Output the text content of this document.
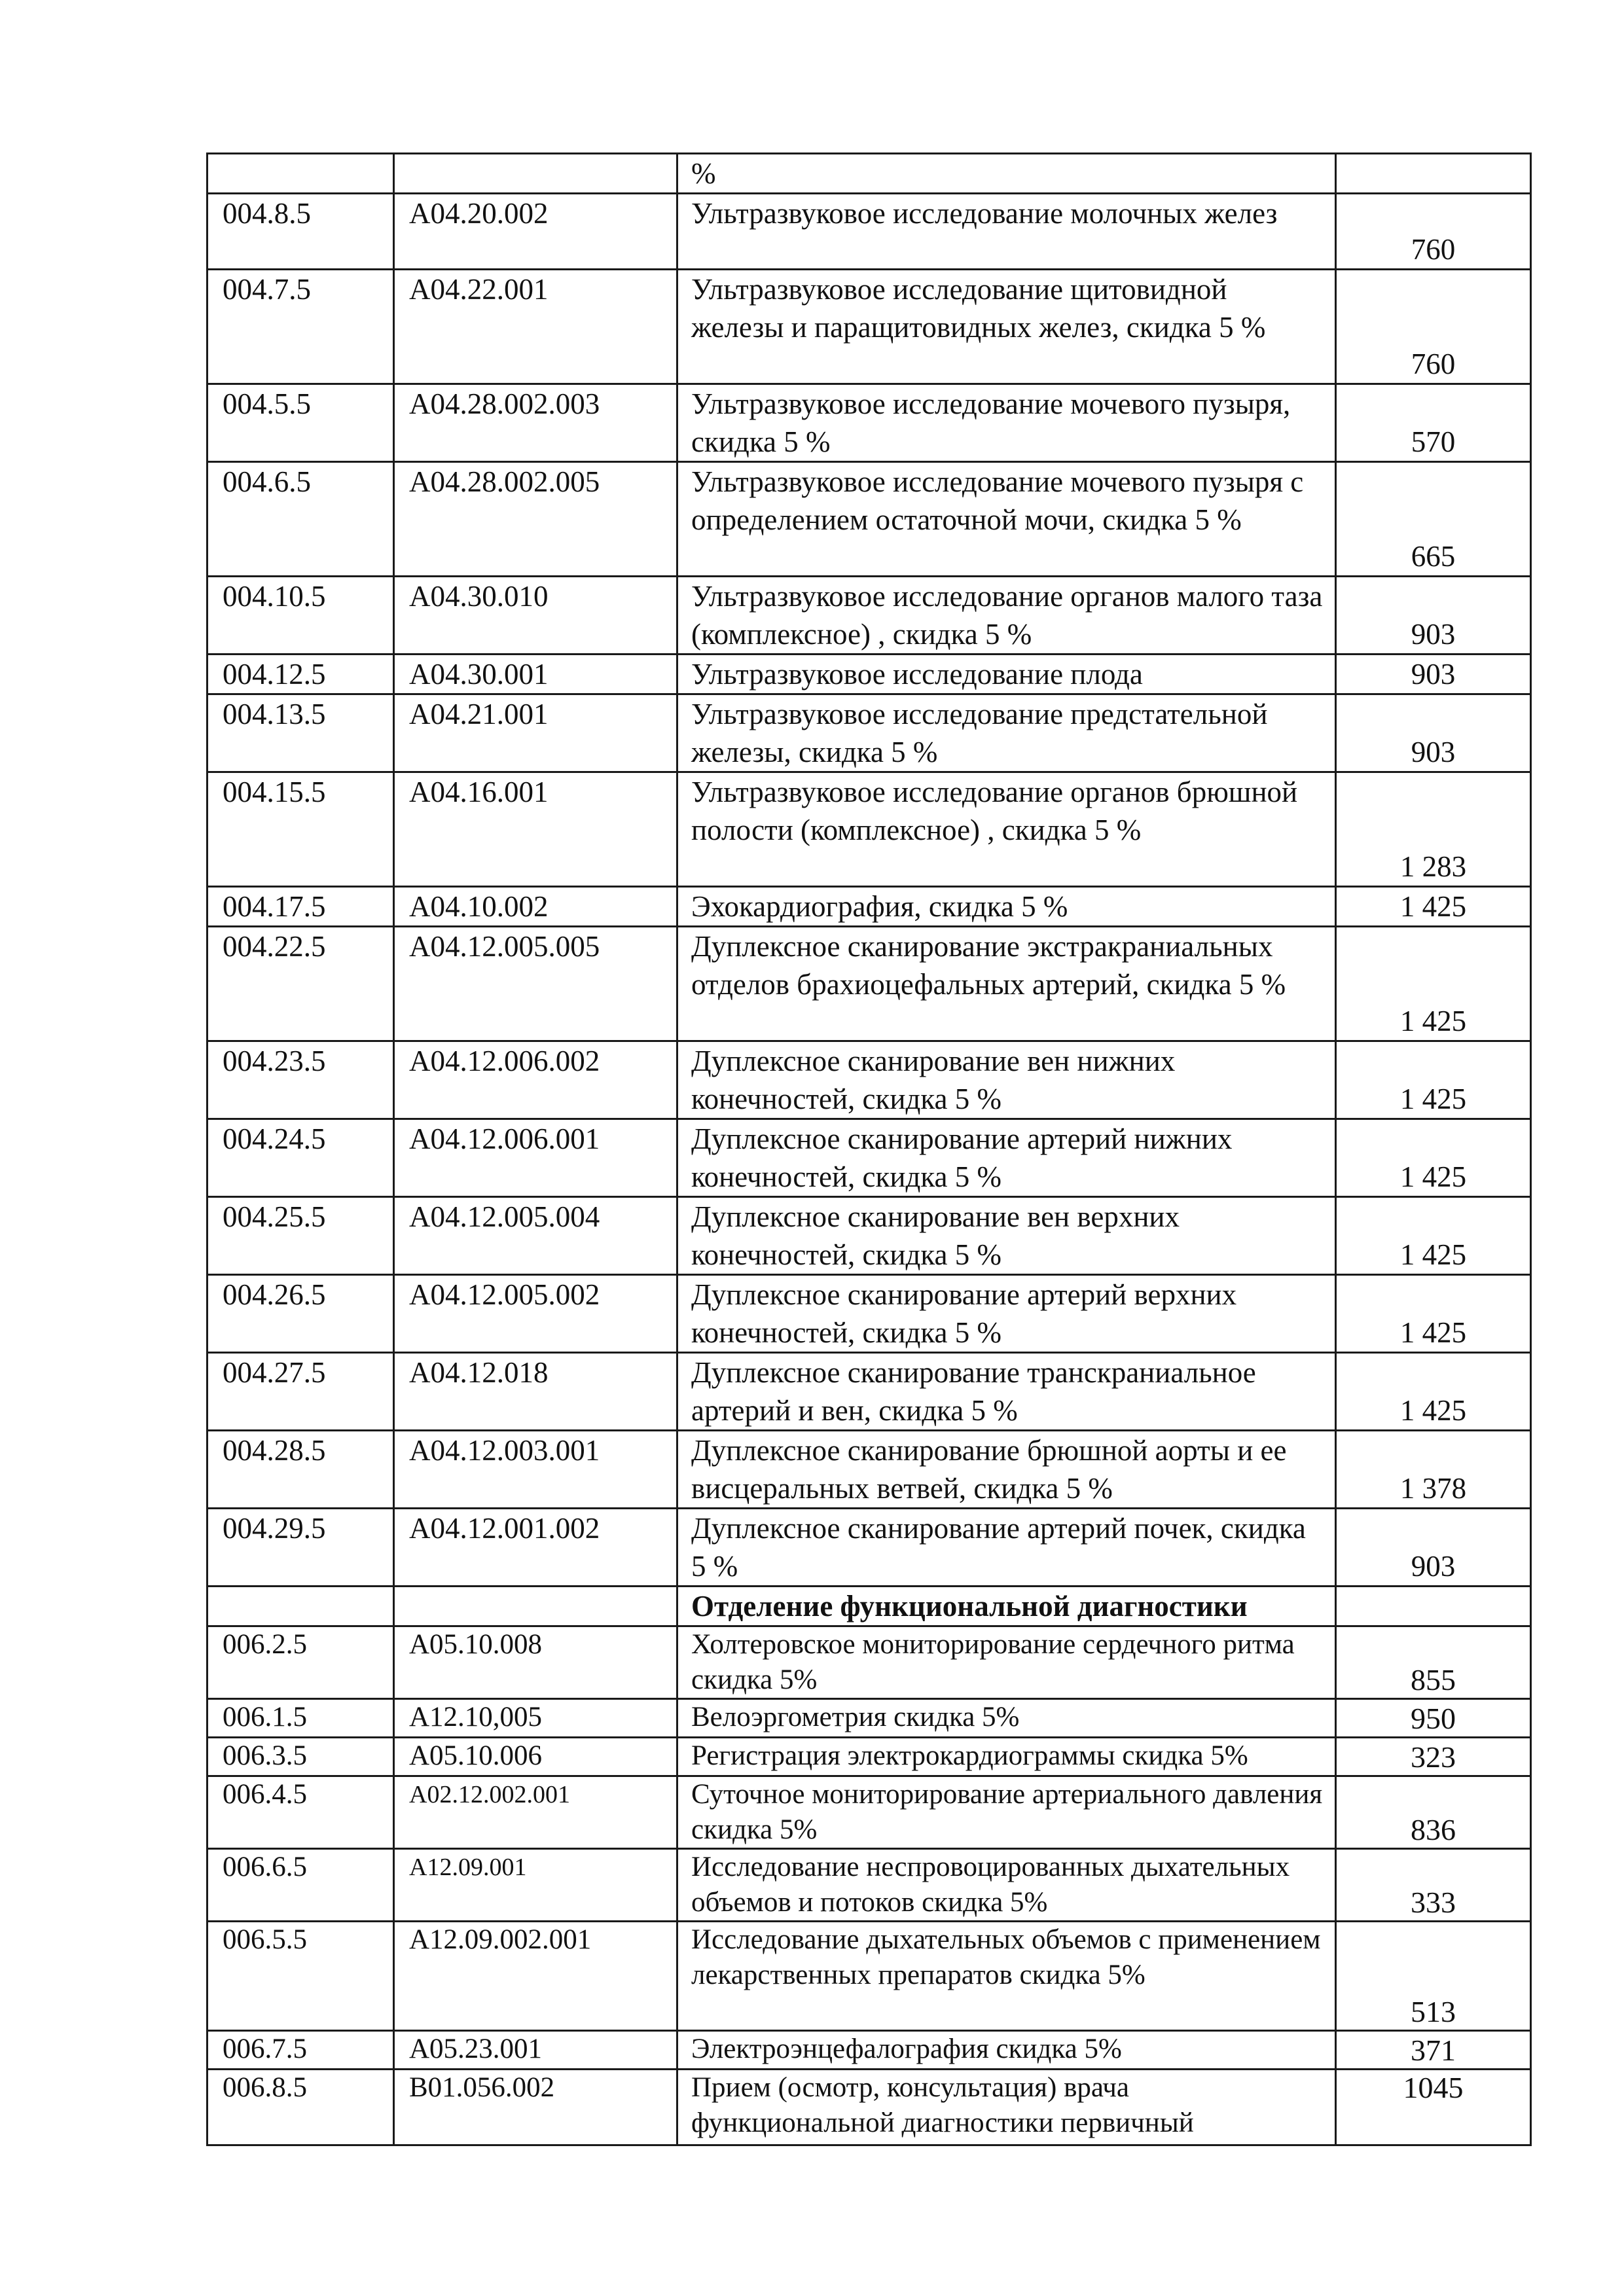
		%	
004.8.5	A04.20.002	Ультразвуковое исследование молочных желез	760
004.7.5	A04.22.001	Ультразвуковое исследование щитовидной железы и паращитовидных желез, скидка 5 %	760
004.5.5	A04.28.002.003	Ультразвуковое исследование мочевого пузыря, скидка 5 %	570
004.6.5	A04.28.002.005	Ультразвуковое исследование мочевого пузыря с определением остаточной мочи, скидка 5 %	665
004.10.5	A04.30.010	Ультразвуковое исследование органов малого таза (комплексное) , скидка 5 %	903
004.12.5	A04.30.001	Ультразвуковое исследование плода	903
004.13.5	A04.21.001	Ультразвуковое исследование предстательной железы, скидка 5 %	903
004.15.5	A04.16.001	Ультразвуковое исследование органов брюшной полости (комплексное) , скидка 5 %	1 283
004.17.5	A04.10.002	Эхокардиография, скидка 5 %	1 425
004.22.5	A04.12.005.005	Дуплексное сканирование экстракраниальных отделов брахиоцефальных артерий, скидка 5 %	1 425
004.23.5	A04.12.006.002	Дуплексное сканирование вен нижних конечностей, скидка 5 %	1 425
004.24.5	A04.12.006.001	Дуплексное сканирование артерий нижних конечностей, скидка 5 %	1 425
004.25.5	A04.12.005.004	Дуплексное сканирование вен верхних конечностей, скидка 5 %	1 425
004.26.5	A04.12.005.002	Дуплексное сканирование артерий верхних конечностей, скидка 5 %	1 425
004.27.5	A04.12.018	Дуплексное сканирование транскраниальное артерий и вен, скидка 5 %	1 425
004.28.5	A04.12.003.001	Дуплексное сканирование брюшной аорты и ее висцеральных ветвей, скидка 5 %	1 378
004.29.5	A04.12.001.002	Дуплексное сканирование артерий почек, скидка 5 %	903
		Отделение функциональной диагностики	
006.2.5	A05.10.008	Холтеровское мониторирование сердечного ритма скидка 5%	855
006.1.5	A12.10,005	Велоэргометрия скидка 5%	950
006.3.5	A05.10.006	Регистрация электрокардиограммы скидка 5%	323
006.4.5	A02.12.002.001	Суточное мониторирование артериального давления скидка 5%	836
006.6.5	A12.09.001	Исследование неспровоцированных дыхательных объемов и потоков скидка 5%	333
006.5.5	A12.09.002.001	Исследование дыхательных объемов с применением лекарственных препаратов скидка 5%	513
006.7.5	A05.23.001	Электроэнцефалография скидка 5%	371
006.8.5	B01.056.002	Прием (осмотр, консультация) врача функциональной диагностики первичный	1045
